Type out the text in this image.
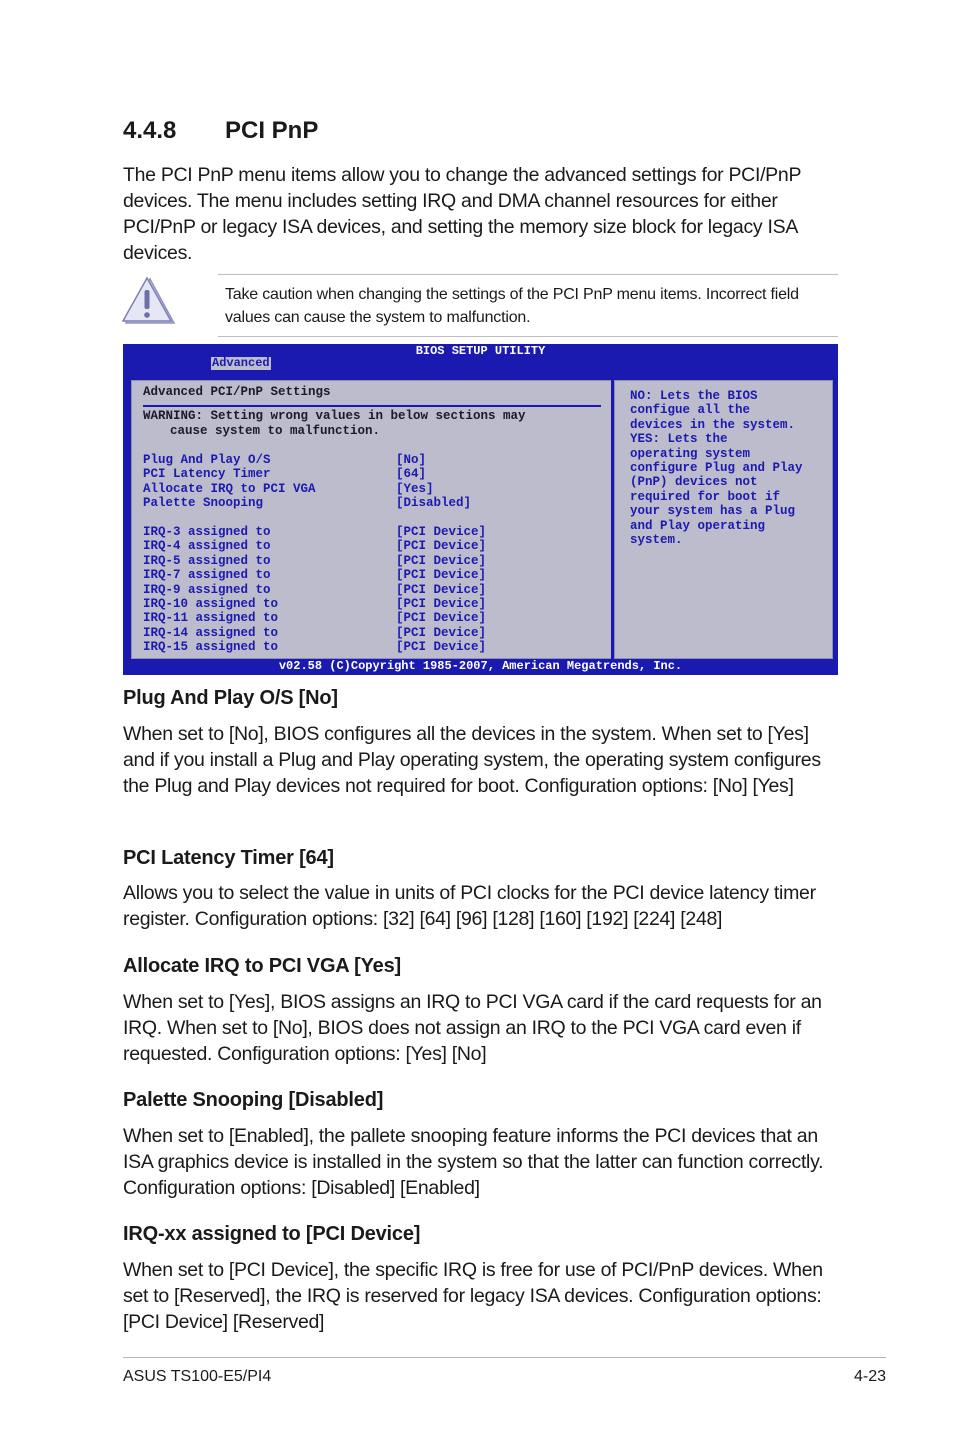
4.4.8 PCI PnP

The PCI PnP menu items allow you to change the advanced settings for PCI/PnP devices. The menu includes setting IRQ and DMA channel resources for either PCI/PnP or legacy ISA devices, and setting the memory size block for legacy ISA devices.

Take caution when changing the settings of the PCI PnP menu items. Incorrect field values can cause the system to malfunction.

BIOS SETUP UTILITY
Advanced
Advanced PCI/PnP Settings
WARNING: Setting wrong values in below sections may
cause system to malfunction.
Plug And Play O/S	[No]
PCI Latency Timer	[64]
Allocate IRQ to PCI VGA	[Yes]
Palette Snooping	[Disabled]
IRQ-3 assigned to	[PCI Device]
IRQ-4 assigned to	[PCI Device]
IRQ-5 assigned to	[PCI Device]
IRQ-7 assigned to	[PCI Device]
IRQ-9 assigned to	[PCI Device]
IRQ-10 assigned to	[PCI Device]
IRQ-11 assigned to	[PCI Device]
IRQ-14 assigned to	[PCI Device]
IRQ-15 assigned to	[PCI Device]
NO: Lets the BIOS
configue all the
devices in the system.
YES: Lets the
operating system
configure Plug and Play
(PnP) devices not
required for boot if
your system has a Plug
and Play operating
system.
v02.58 (C)Copyright 1985-2007, American Megatrends, Inc.
Plug And Play O/S [No]

When set to [No], BIOS configures all the devices in the system. When set to [Yes] and if you install a Plug and Play operating system, the operating system configures the Plug and Play devices not required for boot. Configuration options: [No] [Yes]

PCI Latency Timer [64]

Allows you to select the value in units of PCI clocks for the PCI device latency timer register. Configuration options: [32] [64] [96] [128] [160] [192] [224] [248]

Allocate IRQ to PCI VGA [Yes]

When set to [Yes], BIOS assigns an IRQ to PCI VGA card if the card requests for an IRQ. When set to [No], BIOS does not assign an IRQ to the PCI VGA card even if requested. Configuration options: [Yes] [No]

Palette Snooping [Disabled]

When set to [Enabled], the pallete snooping feature informs the PCI devices that an ISA graphics device is installed in the system so that the latter can function correctly. Configuration options: [Disabled] [Enabled]

IRQ-xx assigned to [PCI Device]

When set to [PCI Device], the specific IRQ is free for use of PCI/PnP devices. When set to [Reserved], the IRQ is reserved for legacy ISA devices. Configuration options: [PCI Device] [Reserved]

ASUS TS100-E5/PI4	4-23
